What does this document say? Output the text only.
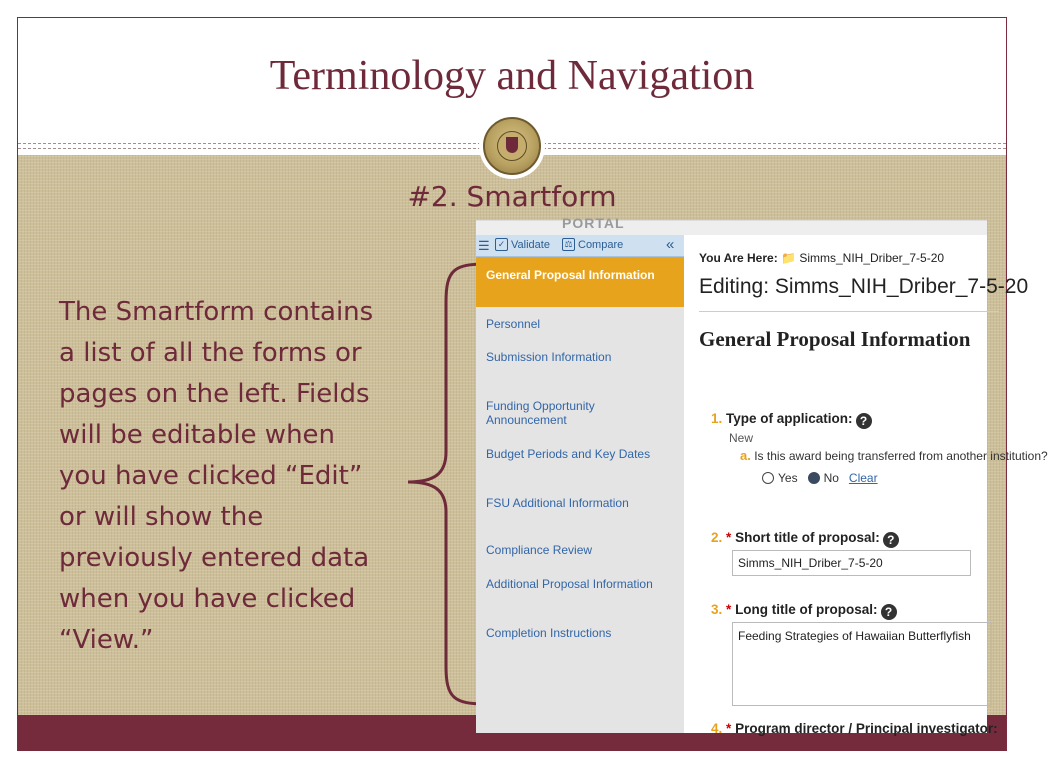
Terminology and Navigation
#2. Smartform
The Smartform contains
a list of all the forms or
pages on the left. Fields
will be editable when
you have clicked “Edit”
or will show the
previously entered data
when you have clicked
“View.”
PORTAL
☰ ✓ Validate ⚖ Compare	«
General Proposal Information
Personnel
Submission Information
Funding Opportunity Announcement
Budget Periods and Key Dates
FSU Additional Information
Compliance Review
Additional Proposal Information
Completion Instructions
You Are Here: 📁 Simms_NIH_Driber_7-5-20
Editing: Simms_NIH_Driber_7-5-20
General Proposal Information
1. Type of application: ?
New
a. Is this award being transferred from another institution?
Yes No Clear
2. * Short title of proposal: ?
Simms_NIH_Driber_7-5-20
3. * Long title of proposal: ?
Feeding Strategies of Hawaiian Butterflyfish
4. * Program director / Principal investigator:
